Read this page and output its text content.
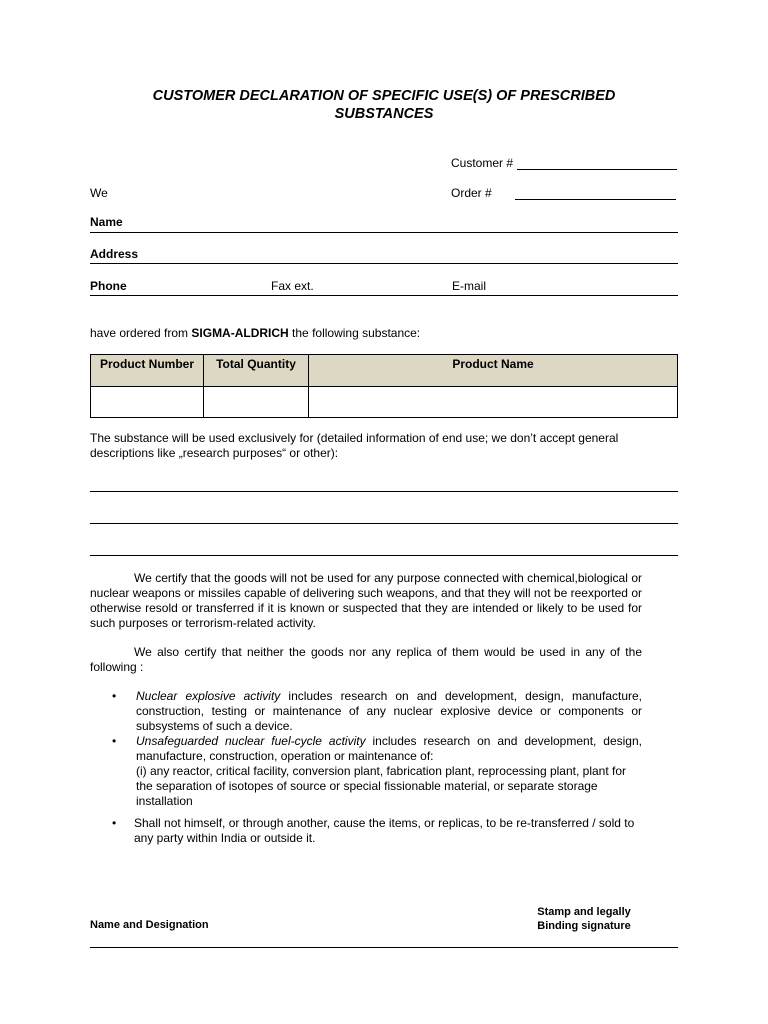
CUSTOMER DECLARATION OF SPECIFIC USE(S) OF PRESCRIBED
SUBSTANCES
Customer #
We	Order #
Name
Address
Phone	Fax ext.	E-mail
have ordered from SIGMA-ALDRICH the following substance:
Product Number	Total Quantity	Product Name

The substance will be used exclusively for (detailed information of end use; we don’t accept general
descriptions like „research purposes“ or other):
We certify that the goods will not be used for any purpose connected with chemical,biological or nuclear weapons or missiles capable of delivering such weapons, and that they will not be reexported or otherwise resold or transferred if it is known or suspected that they are intended or likely to be used for such purposes or terrorism-related activity.
We also certify that neither the goods nor any replica of them would be used in any of the following :
• Nuclear explosive activity includes research on and development, design, manufacture, construction, testing or maintenance of any nuclear explosive device or components or subsystems of such a device.
• Unsafeguarded nuclear fuel-cycle activity includes research on and development, design, manufacture, construction, operation or maintenance of:
(i) any reactor, critical facility, conversion plant, fabrication plant, reprocessing plant, plant for the separation of isotopes of source or special fissionable material, or separate storage installation
• Shall not himself, or through another, cause the items, or replicas, to be re-transferred / sold to any party within India or outside it.
Name and Designation
Stamp and legally
Binding signature
